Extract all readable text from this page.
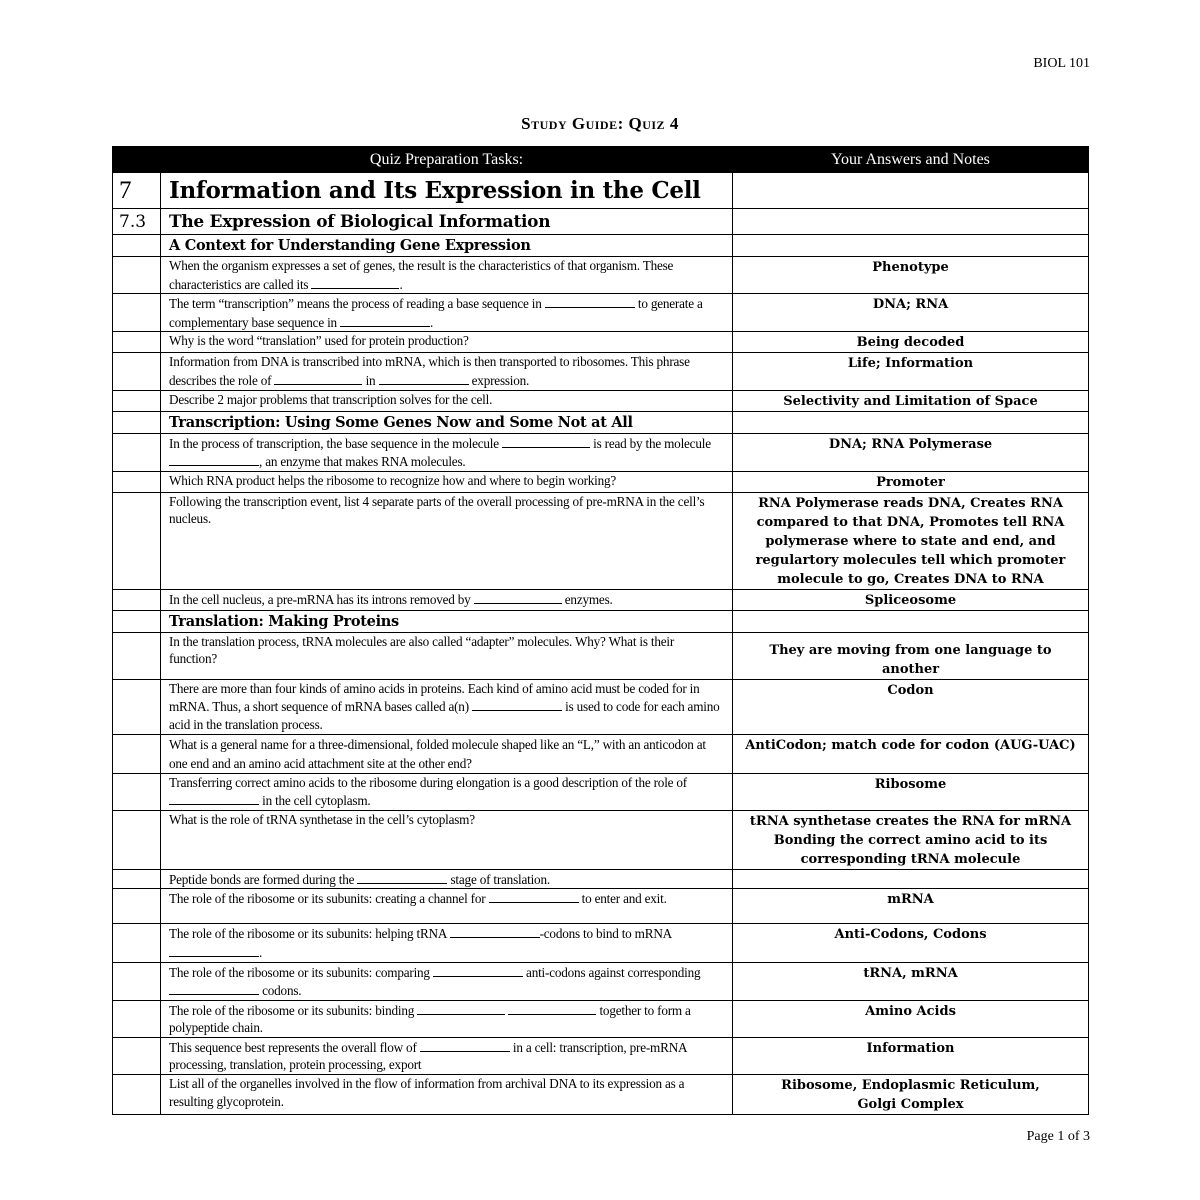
BIOL 101
Study Guide: Quiz 4
	Quiz Preparation Tasks:	Your Answers and Notes
7	Information and Its Expression in the Cell	
7.3	The Expression of Biological Information	
	A Context for Understanding Gene Expression	
	When the organism expresses a set of genes, the result is the characteristics of that organism. These characteristics are called its .	Phenotype
	The term “transcription” means the process of reading a base sequence in to generate a complementary base sequence in .	DNA; RNA
	Why is the word “translation” used for protein production?	Being decoded
	Information from DNA is transcribed into mRNA, which is then transported to ribosomes. This phrase describes the role of in expression.	Life; Information
	Describe 2 major problems that transcription solves for the cell.	Selectivity and Limitation of Space
	Transcription: Using Some Genes Now and Some Not at All	
	In the process of transcription, the base sequence in the molecule is read by the molecule , an enzyme that makes RNA molecules.	DNA; RNA Polymerase
	Which RNA product helps the ribosome to recognize how and where to begin working?	Promoter
	Following the transcription event, list 4 separate parts of the overall processing of pre-mRNA in the cell’s nucleus.	RNA Polymerase reads DNA, Creates RNA compared to that DNA, Promotes tell RNA polymerase where to state and end, and regulartory molecules tell which promoter molecule to go, Creates DNA to RNA
	In the cell nucleus, a pre-mRNA has its introns removed by enzymes.	Spliceosome
	Translation: Making Proteins	
	In the translation process, tRNA molecules are also called “adapter” molecules. Why? What is their function?	They are moving from one language to another
	There are more than four kinds of amino acids in proteins. Each kind of amino acid must be coded for in mRNA. Thus, a short sequence of mRNA bases called a(n) is used to code for each amino acid in the translation process.	Codon
	What is a general name for a three-dimensional, folded molecule shaped like an “L,” with an anticodon at one end and an amino acid attachment site at the other end?	AntiCodon; match code for codon (AUG-UAC)
	Transferring correct amino acids to the ribosome during elongation is a good description of the role of  in the cell cytoplasm.	Ribosome
	What is the role of tRNA synthetase in the cell’s cytoplasm?	tRNA synthetase creates the RNA for mRNA
Bonding the correct amino acid to its corresponding tRNA molecule

	Peptide bonds are formed during the stage of translation.	
	The role of the ribosome or its subunits: creating a channel for to enter and exit.	mRNA
	The role of the ribosome or its subunits: helping tRNA -codons to bind to mRNA .	Anti-Codons, Codons
	The role of the ribosome or its subunits: comparing anti-codons against corresponding  codons.	tRNA, mRNA
	The role of the ribosome or its subunits: binding together to form a polypeptide chain.	Amino Acids
	This sequence best represents the overall flow of in a cell: transcription, pre-mRNA processing, translation, protein processing, export	Information
	List all of the organelles involved in the flow of information from archival DNA to its expression as a resulting glycoprotein.	Ribosome, Endoplasmic Reticulum,
Golgi Complex
Page 1 of 3
